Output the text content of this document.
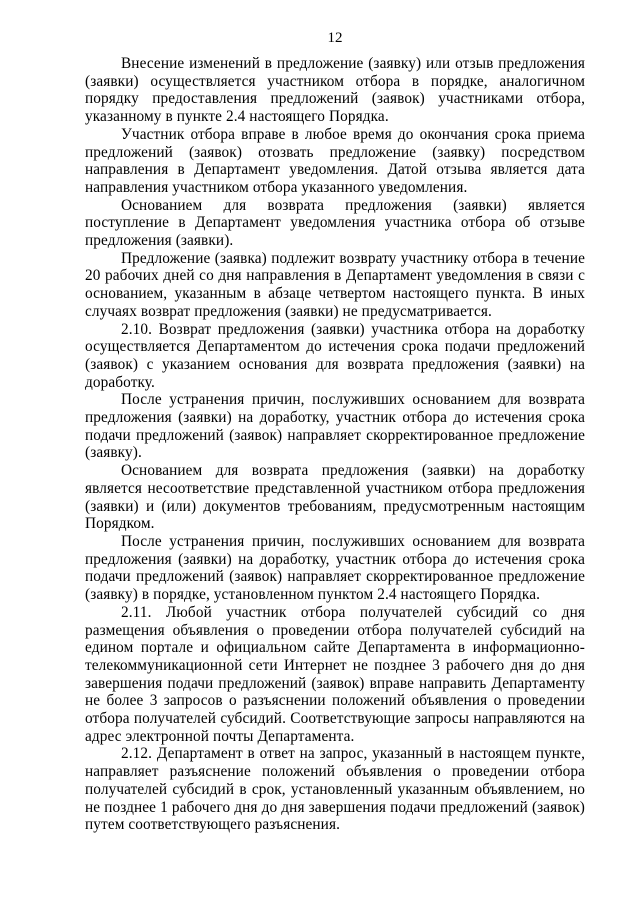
12

Внесение изменений в предложение (заявку) или отзыв предложения (заявки) осуществляется участником отбора в порядке, аналогичном порядку предоставления предложений (заявок) участниками отбора, указанному в пункте 2.4 настоящего Порядка.

Участник отбора вправе в любое время до окончания срока приема предложений (заявок) отозвать предложение (заявку) посредством направления в Департамент уведомления. Датой отзыва является дата направления участником отбора указанного уведомления.

Основанием для возврата предложения (заявки) является поступление в Департамент уведомления участника отбора об отзыве предложения (заявки).

Предложение (заявка) подлежит возврату участнику отбора в течение 20 рабочих дней со дня направления в Департамент уведомления в связи с основанием, указанным в абзаце четвертом настоящего пункта. В иных случаях возврат предложения (заявки) не предусматривается.

2.10. Возврат предложения (заявки) участника отбора на доработку осуществляется Департаментом до истечения срока подачи предложений (заявок) с указанием основания для возврата предложения (заявки) на доработку.

После устранения причин, послуживших основанием для возврата предложения (заявки) на доработку, участник отбора до истечения срока подачи предложений (заявок) направляет скорректированное предложение (заявку).

Основанием для возврата предложения (заявки) на доработку является несоответствие представленной участником отбора предложения (заявки) и (или) документов требованиям, предусмотренным настоящим Порядком.

После устранения причин, послуживших основанием для возврата предложения (заявки) на доработку, участник отбора до истечения срока подачи предложений (заявок) направляет скорректированное предложение (заявку) в порядке, установленном пунктом 2.4 настоящего Порядка.

2.11. Любой участник отбора получателей субсидий со дня размещения объявления о проведении отбора получателей субсидий на едином портале и официальном сайте Департамента в информационно-телекоммуникационной сети Интернет не позднее 3 рабочего дня до дня завершения подачи предложений (заявок) вправе направить Департаменту не более 3 запросов о разъяснении положений объявления о проведении отбора получателей субсидий. Соответствующие запросы направляются на адрес электронной почты Департамента.

2.12. Департамент в ответ на запрос, указанный в настоящем пункте, направляет разъяснение положений объявления о проведении отбора получателей субсидий в срок, установленный указанным объявлением, но не позднее 1 рабочего дня до дня завершения подачи предложений (заявок) путем соответствующего разъяснения.
